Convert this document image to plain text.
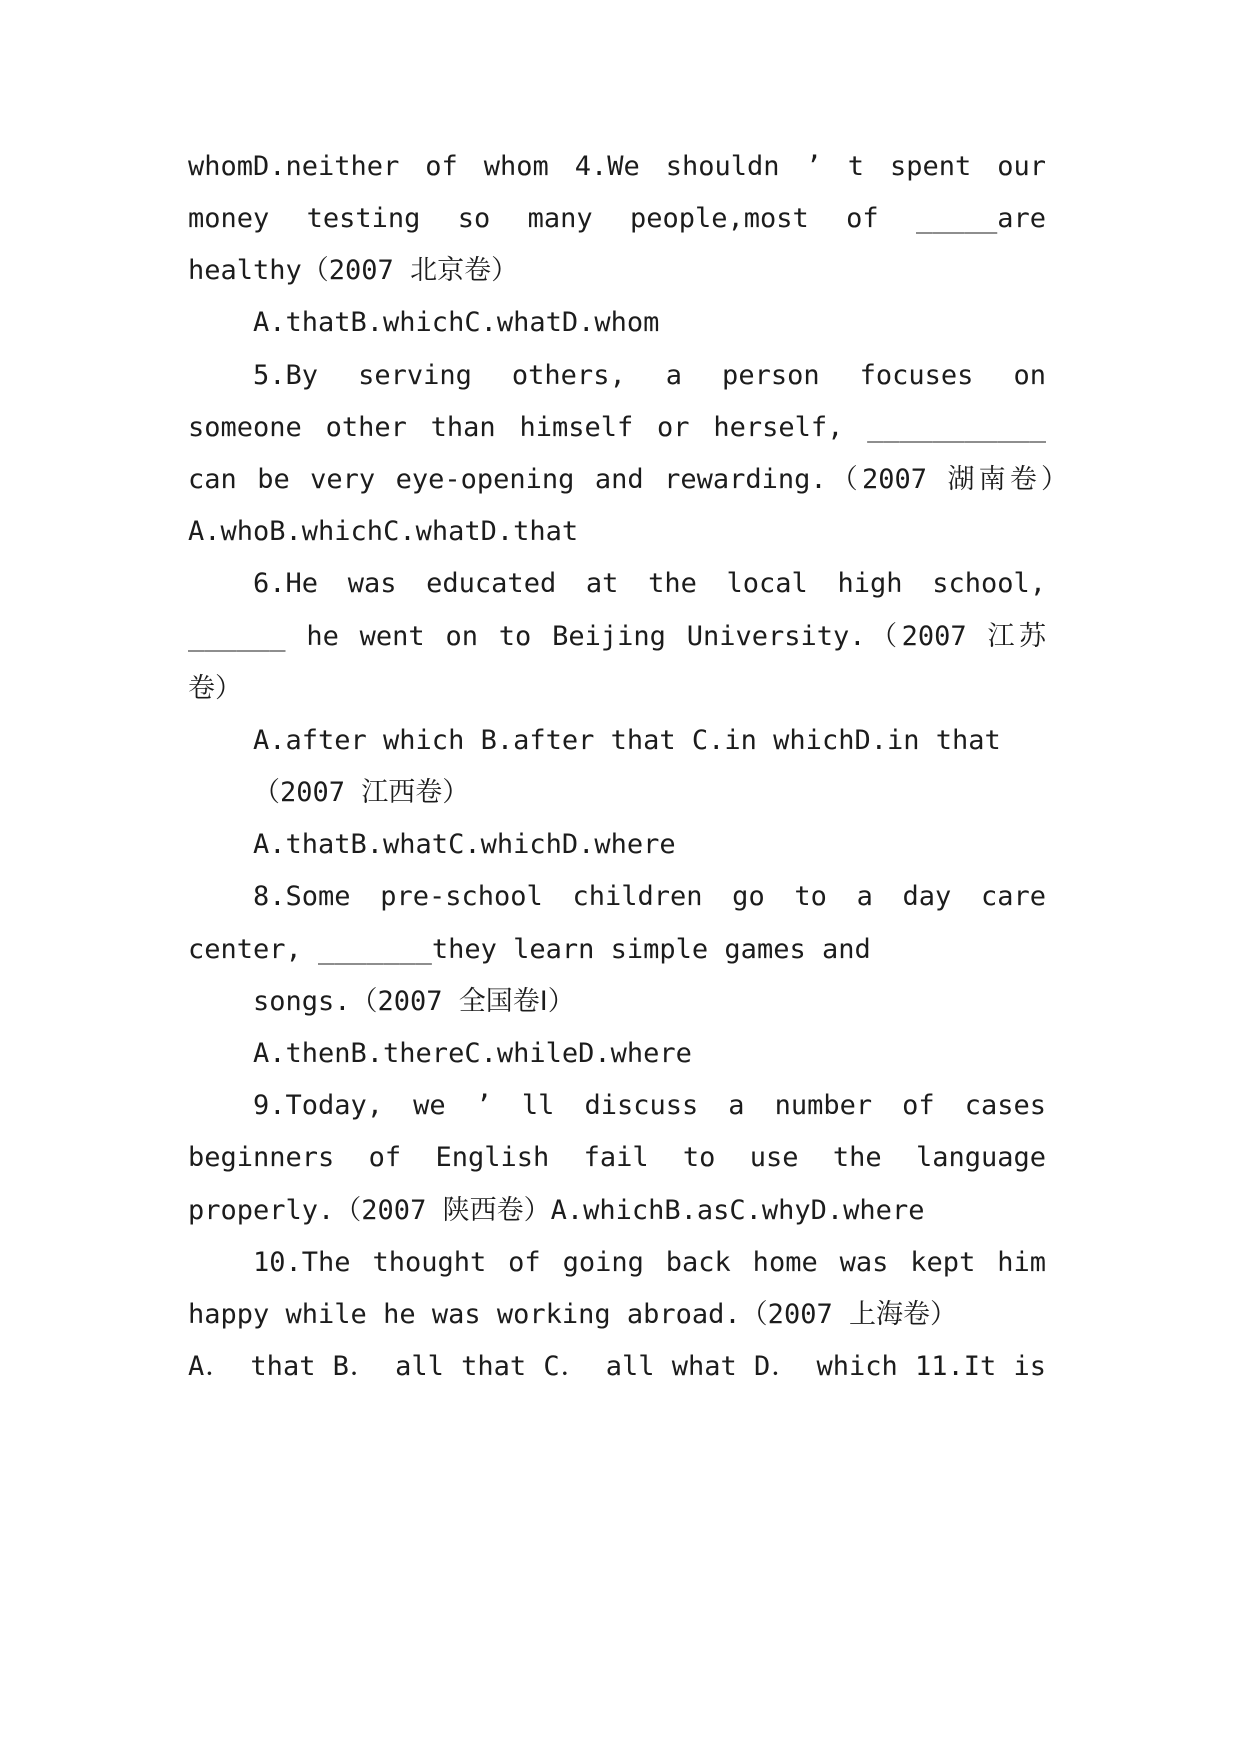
whomD.neither of whom 4.We shouldn ’ t spent our
money testing so many people,most of _____are
healthy（2007 北京卷）
A.thatB.whichC.whatD.whom
5.By serving others, a person focuses on
someone other than himself or herself, ___________
can be very eye-opening and rewarding.（2007 湖南卷）
A.whoB.whichC.whatD.that
6.He was educated at the local high school,
______ he went on to Beijing University.（2007 江苏
卷）
A.after which B.after that C.in whichD.in that
（2007 江西卷）
A.thatB.whatC.whichD.where
8.Some pre-school children go to a day care
center, _______they learn simple games and
songs.（2007 全国卷Ⅰ）
A.thenB.thereC.whileD.where
9.Today, we ’ ll discuss a number of cases
beginners of English fail to use the language
properly.（2007 陕西卷）A.whichB.asC.whyD.where
10.The thought of going back home was kept him
happy while he was working abroad.（2007 上海卷）
A． that B． all that C． all what D． which 11.It is
